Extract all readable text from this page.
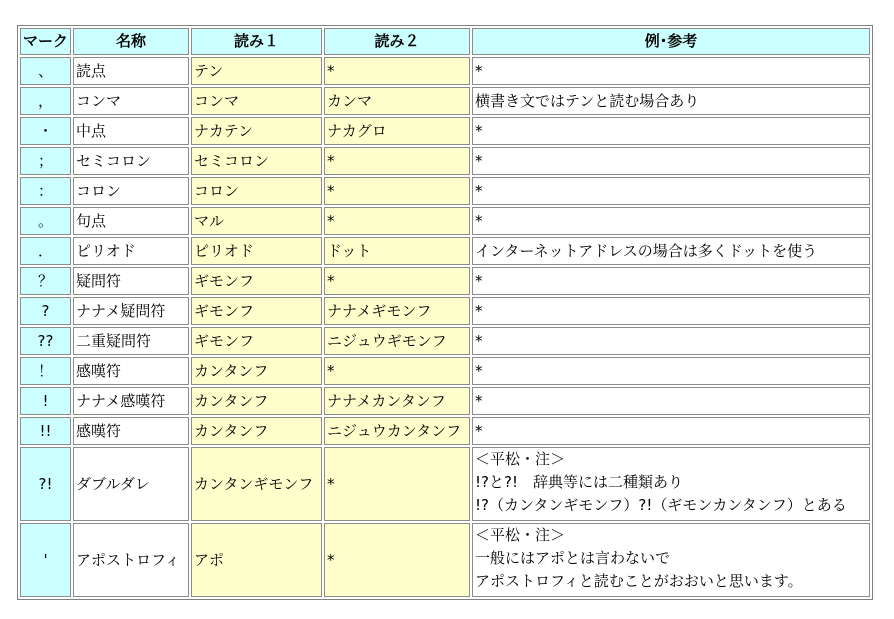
マーク	名称	読み１	読み２	例･参考
、	読点	テン	*	*

，	コンマ	コンマ	カンマ	横書き文ではテンと読む場合あり

・	中点	ナカテン	ナカグロ	*

；	セミコロン	セミコロン	*	*

：	コロン	コロン	*	*

。	句点	マル	*	*

．	ピリオド	ピリオド	ドット	インターネットアドレスの場合は多くドットを使う

？	疑問符	ギモンフ	*	*

?	ナナメ疑問符	ギモンフ	ナナメギモンフ	*

??	二重疑問符	ギモンフ	ニジュウギモンフ	*

！	感嘆符	カンタンフ	*	*

!	ナナメ感嘆符	カンタンフ	ナナメカンタンフ	*

!!	感嘆符	カンタンフ	ニジュウカンタンフ	*

?!	ダブルダレ	カンタンギモンフ	*	＜平松・注＞
!?と?!　辞典等には二種類あり
!?（カンタンギモンフ）?!（ギモンカンタンフ）とある

'	アポストロフィ	アポ	*	＜平松・注＞
一般にはアポとは言わないで
アポストロフィと読むことがおおいと思います。
